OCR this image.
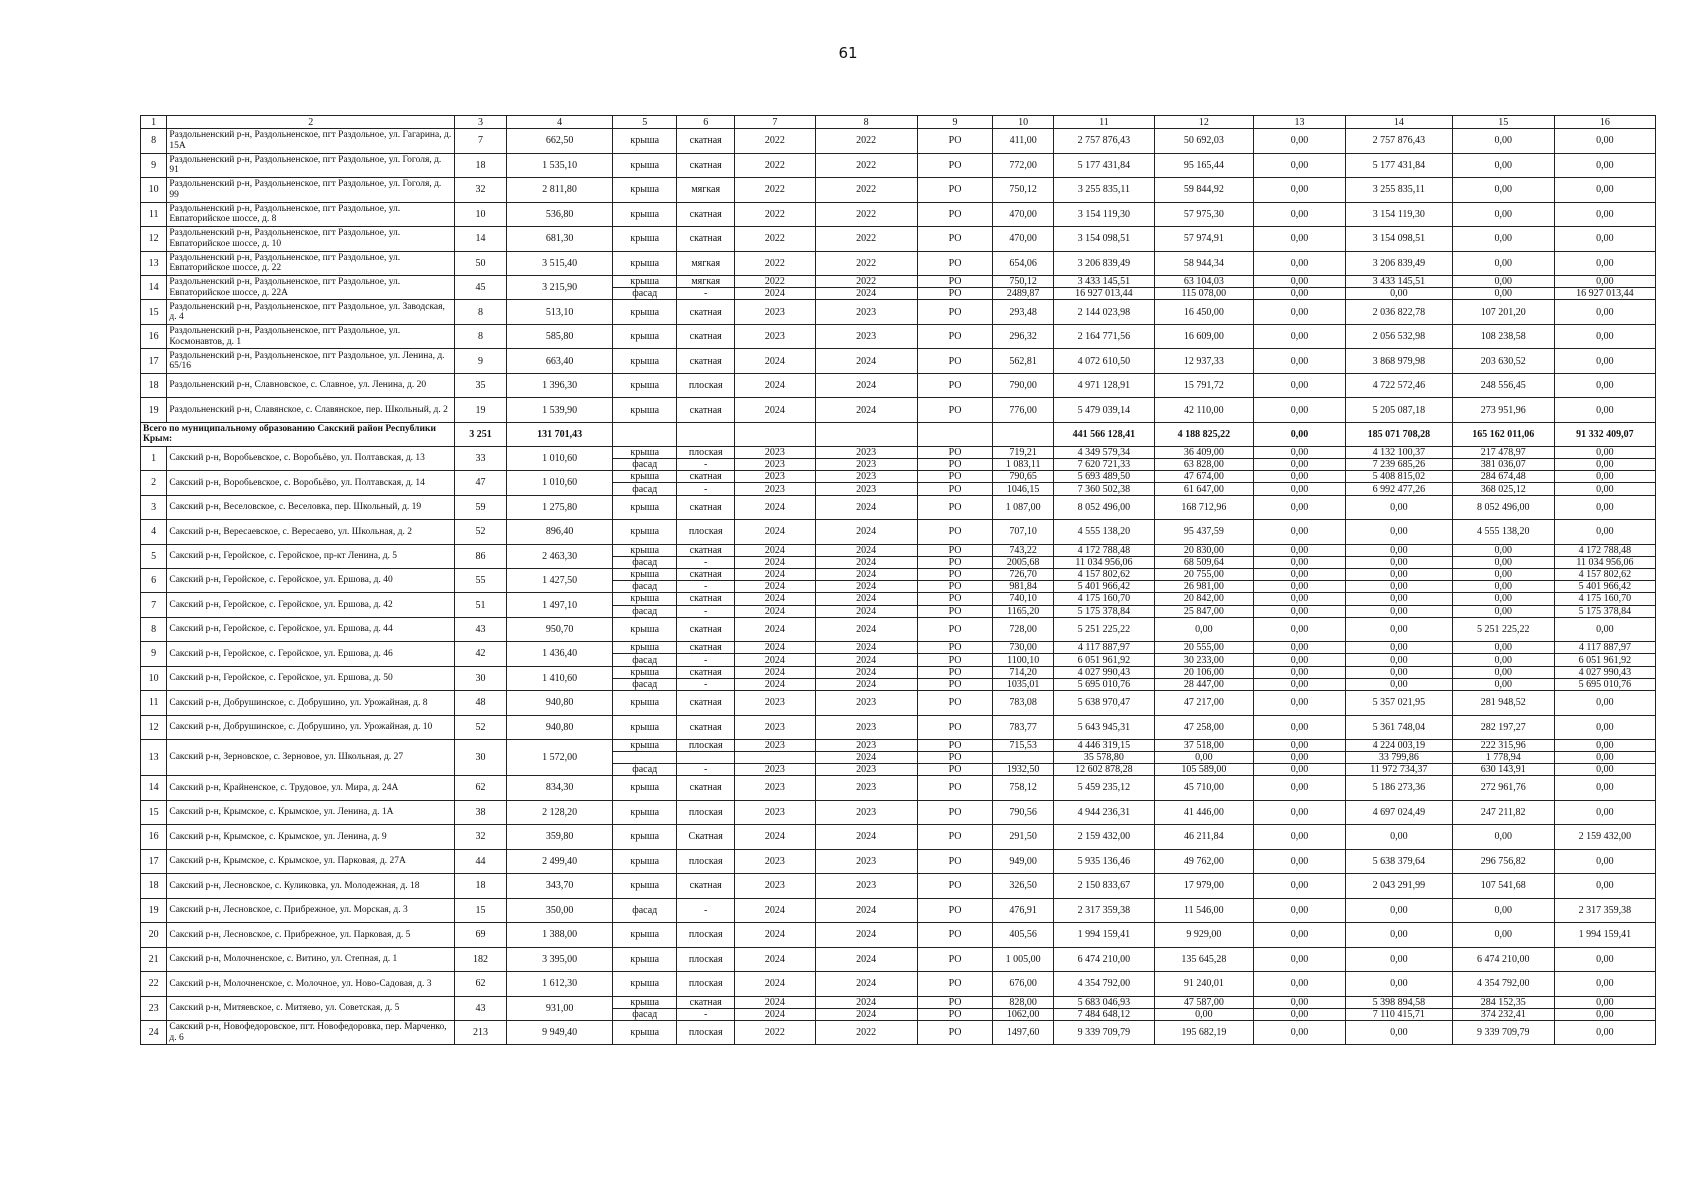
61
1	2	3	4	5	6	7	8	9	10	11	12	13	14	15	16
8	Раздольненский р-н, Раздольненское, пгт Раздольное, ул. Гагарина, д. 15А	7	662,50	крыша	скатная	2022	2022	РО	411,00	2 757 876,43	50 692,03	0,00	2 757 876,43	0,00	0,00
9	Раздольненский р-н, Раздольненское, пгт Раздольное, ул. Гоголя, д. 91	18	1 535,10	крыша	скатная	2022	2022	РО	772,00	5 177 431,84	95 165,44	0,00	5 177 431,84	0,00	0,00
10	Раздольненский р-н, Раздольненское, пгт Раздольное, ул. Гоголя, д. 99	32	2 811,80	крыша	мягкая	2022	2022	РО	750,12	3 255 835,11	59 844,92	0,00	3 255 835,11	0,00	0,00
11	Раздольненский р-н, Раздольненское, пгт Раздольное, ул. Евпаторийское шоссе, д. 8	10	536,80	крыша	скатная	2022	2022	РО	470,00	3 154 119,30	57 975,30	0,00	3 154 119,30	0,00	0,00
12	Раздольненский р-н, Раздольненское, пгт Раздольное, ул. Евпаторийское шоссе, д. 10	14	681,30	крыша	скатная	2022	2022	РО	470,00	3 154 098,51	57 974,91	0,00	3 154 098,51	0,00	0,00
13	Раздольненский р-н, Раздольненское, пгт Раздольное, ул. Евпаторийское шоссе, д. 22	50	3 515,40	крыша	мягкая	2022	2022	РО	654,06	3 206 839,49	58 944,34	0,00	3 206 839,49	0,00	0,00
14	Раздольненский р-н, Раздольненское, пгт Раздольное, ул. Евпаторийское шоссе, д. 22А	45	3 215,90	крыша	мягкая	2022	2022	РО	750,12	3 433 145,51	63 104,03	0,00	3 433 145,51	0,00	0,00
				фасад	-	2024	2024	РО	2489,87	16 927 013,44	115 078,00	0,00	0,00	0,00	16 927 013,44
15	Раздольненский р-н, Раздольненское, пгт Раздольное, ул. Заводская, д. 4	8	513,10	крыша	скатная	2023	2023	РО	293,48	2 144 023,98	16 450,00	0,00	2 036 822,78	107 201,20	0,00
16	Раздольненский р-н, Раздольненское, пгт Раздольное, ул. Космонавтов, д. 1	8	585,80	крыша	скатная	2023	2023	РО	296,32	2 164 771,56	16 609,00	0,00	2 056 532,98	108 238,58	0,00
17	Раздольненский р-н, Раздольненское, пгт Раздольное, ул. Ленина, д. 65/16	9	663,40	крыша	скатная	2024	2024	РО	562,81	4 072 610,50	12 937,33	0,00	3 868 979,98	203 630,52	0,00
18	Раздольненский р-н, Славновское, с. Славное, ул. Ленина, д. 20	35	1 396,30	крыша	плоская	2024	2024	РО	790,00	4 971 128,91	15 791,72	0,00	4 722 572,46	248 556,45	0,00
19	Раздольненский р-н, Славянское, с. Славянское, пер. Школьный, д. 2	19	1 539,90	крыша	скатная	2024	2024	РО	776,00	5 479 039,14	42 110,00	0,00	5 205 087,18	273 951,96	0,00
Всего по муниципальному образованию Сакский район Республики Крым:		3 251	131 701,43							441 566 128,41	4 188 825,22	0,00	185 071 708,28	165 162 011,06	91 332 409,07
1	Сакский р-н, Воробьевское, с. Воробьёво, ул. Полтавская, д. 13	33	1 010,60	крыша	плоская	2023	2023	РО	719,21	4 349 579,34	36 409,00	0,00	4 132 100,37	217 478,97	0,00
				фасад	-	2023	2023	РО	1 083,11	7 620 721,33	63 828,00	0,00	7 239 685,26	381 036,07	0,00
2	Сакский р-н, Воробьевское, с. Воробьёво, ул. Полтавская, д. 14	47	1 010,60	крыша	скатная	2023	2023	РО	790,65	5 693 489,50	47 674,00	0,00	5 408 815,02	284 674,48	0,00
				фасад	-	2023	2023	РО	1046,15	7 360 502,38	61 647,00	0,00	6 992 477,26	368 025,12	0,00
3	Сакский р-н, Веселовское, с. Веселовка, пер. Школьный, д. 19	59	1 275,80	крыша	скатная	2024	2024	РО	1 087,00	8 052 496,00	168 712,96	0,00	0,00	8 052 496,00	0,00
4	Сакский р-н, Вересаевское, с. Вересаево, ул. Школьная, д. 2	52	896,40	крыша	плоская	2024	2024	РО	707,10	4 555 138,20	95 437,59	0,00	0,00	4 555 138,20	0,00
5	Сакский р-н, Геройское, с. Геройское, пр-кт Ленина, д. 5	86	2 463,30	крыша	скатная	2024	2024	РО	743,22	4 172 788,48	20 830,00	0,00	0,00	0,00	4 172 788,48
				фасад	-	2024	2024	РО	2005,68	11 034 956,06	68 509,64	0,00	0,00	0,00	11 034 956,06
6	Сакский р-н, Геройское, с. Геройское, ул. Ершова, д. 40	55	1 427,50	крыша	скатная	2024	2024	РО	726,70	4 157 802,62	20 755,00	0,00	0,00	0,00	4 157 802,62
				фасад	-	2024	2024	РО	981,84	5 401 966,42	26 981,00	0,00	0,00	0,00	5 401 966,42
7	Сакский р-н, Геройское, с. Геройское, ул. Ершова, д. 42	51	1 497,10	крыша	скатная	2024	2024	РО	740,10	4 175 160,70	20 842,00	0,00	0,00	0,00	4 175 160,70
				фасад	-	2024	2024	РО	1165,20	5 175 378,84	25 847,00	0,00	0,00	0,00	5 175 378,84
8	Сакский р-н, Геройское, с. Геройское, ул. Ершова, д. 44	43	950,70	крыша	скатная	2024	2024	РО	728,00	5 251 225,22	0,00	0,00	0,00	5 251 225,22	0,00
9	Сакский р-н, Геройское, с. Геройское, ул. Ершова, д. 46	42	1 436,40	крыша	скатная	2024	2024	РО	730,00	4 117 887,97	20 555,00	0,00	0,00	0,00	4 117 887,97
				фасад	-	2024	2024	РО	1100,10	6 051 961,92	30 233,00	0,00	0,00	0,00	6 051 961,92
10	Сакский р-н, Геройское, с. Геройское, ул. Ершова, д. 50	30	1 410,60	крыша	скатная	2024	2024	РО	714,20	4 027 990,43	20 106,00	0,00	0,00	0,00	4 027 990,43
				фасад	-	2024	2024	РО	1035,01	5 695 010,76	28 447,00	0,00	0,00	0,00	5 695 010,76
11	Сакский р-н, Добрушинское, с. Добрушино, ул. Урожайная, д. 8	48	940,80	крыша	скатная	2023	2023	РО	783,08	5 638 970,47	47 217,00	0,00	5 357 021,95	281 948,52	0,00
12	Сакский р-н, Добрушинское, с. Добрушино, ул. Урожайная, д. 10	52	940,80	крыша	скатная	2023	2023	РО	783,77	5 643 945,31	47 258,00	0,00	5 361 748,04	282 197,27	0,00
13	Сакский р-н, Зерновское, с. Зерновое, ул. Школьная, д. 27	30	1 572,00	крыша	плоская	2023	2023	РО	715,53	4 446 319,15	37 518,00	0,00	4 224 003,19	222 315,96	0,00
							2024	РО		35 578,80	0,00	0,00	33 799,86	1 778,94	0,00
				фасад	-	2023	2023	РО	1932,50	12 602 878,28	105 589,00	0,00	11 972 734,37	630 143,91	0,00
14	Сакский р-н, Крайненское, с. Трудовое, ул. Мира, д. 24А	62	834,30	крыша	скатная	2023	2023	РО	758,12	5 459 235,12	45 710,00	0,00	5 186 273,36	272 961,76	0,00
15	Сакский р-н, Крымское, с. Крымское, ул. Ленина, д. 1А	38	2 128,20	крыша	плоская	2023	2023	РО	790,56	4 944 236,31	41 446,00	0,00	4 697 024,49	247 211,82	0,00
16	Сакский р-н, Крымское, с. Крымское, ул. Ленина, д. 9	32	359,80	крыша	Скатная	2024	2024	РО	291,50	2 159 432,00	46 211,84	0,00	0,00	0,00	2 159 432,00
17	Сакский р-н, Крымское, с. Крымское, ул. Парковая, д. 27А	44	2 499,40	крыша	плоская	2023	2023	РО	949,00	5 935 136,46	49 762,00	0,00	5 638 379,64	296 756,82	0,00
18	Сакский р-н, Лесновское, с. Куликовка, ул. Молодежная, д. 18	18	343,70	крыша	скатная	2023	2023	РО	326,50	2 150 833,67	17 979,00	0,00	2 043 291,99	107 541,68	0,00
19	Сакский р-н, Лесновское, с. Прибрежное, ул. Морская, д. 3	15	350,00	фасад	-	2024	2024	РО	476,91	2 317 359,38	11 546,00	0,00	0,00	0,00	2 317 359,38
20	Сакский р-н, Лесновское, с. Прибрежное, ул. Парковая, д. 5	69	1 388,00	крыша	плоская	2024	2024	РО	405,56	1 994 159,41	9 929,00	0,00	0,00	0,00	1 994 159,41
21	Сакский р-н, Молочненское, с. Витино, ул. Степная, д. 1	182	3 395,00	крыша	плоская	2024	2024	РО	1 005,00	6 474 210,00	135 645,28	0,00	0,00	6 474 210,00	0,00
22	Сакский р-н, Молочненское, с. Молочное, ул. Ново-Садовая, д. 3	62	1 612,30	крыша	плоская	2024	2024	РО	676,00	4 354 792,00	91 240,01	0,00	0,00	4 354 792,00	0,00
23	Сакский р-н, Митяевское, с. Митяево, ул. Советская, д. 5	43	931,00	крыша	скатная	2024	2024	РО	828,00	5 683 046,93	47 587,00	0,00	5 398 894,58	284 152,35	0,00
				фасад	-	2024	2024	РО	1062,00	7 484 648,12	0,00	0,00	7 110 415,71	374 232,41	0,00
24	Сакский р-н, Новофедоровское, пгт. Новофедоровка, пер. Марченко, д. 6	213	9 949,40	крыша	плоская	2022	2022	РО	1497,60	9 339 709,79	195 682,19	0,00	0,00	9 339 709,79	0,00
